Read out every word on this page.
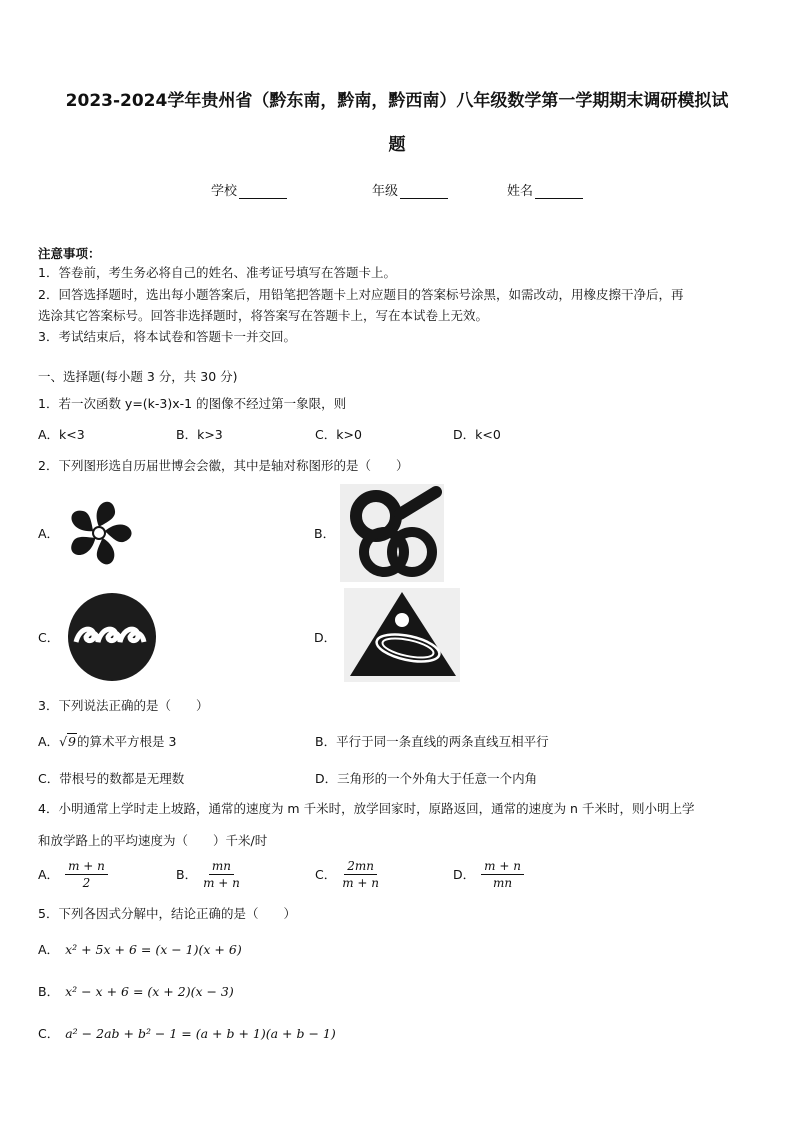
2023-2024学年贵州省（黔东南，黔南，黔西南）八年级数学第一学期期末调研模拟试
题
学校	年级	姓名
注意事项：
1．答卷前，考生务必将自己的姓名、准考证号填写在答题卡上。
2．回答选择题时，选出每小题答案后，用铅笔把答题卡上对应题目的答案标号涂黑，如需改动，用橡皮擦干净后，再
选涂其它答案标号。回答非选择题时，将答案写在答题卡上，写在本试卷上无效。
3．考试结束后，将本试卷和答题卡一并交回。
一、选择题(每小题 3 分，共 30 分)
1．若一次函数 y=(k-3)x-1 的图像不经过第一象限，则
A．k<3	B．k>3	C．k>0	D．k<0
2．下列图形选自历届世博会会徽，其中是轴对称图形的是（　　）
A．	B．
C．	D．
3．下列说法正确的是（　　）
A．√9的算术平方根是 3	B．平行于同一条直线的两条直线互相平行
C．带根号的数都是无理数	D．三角形的一个外角大于任意一个内角
4．小明通常上学时走上坡路，通常的速度为 m 千米时，放学回家时，原路返回，通常的速度为 n 千米时，则小明上学
和放学路上的平均速度为（　　）千米/时
A． $\frac{m + n}{2}$	B． $\frac{mn}{m + n}$	C． $\frac{2mn}{m + n}$	D． $\frac{m + n}{mn}$
5．下列各因式分解中，结论正确的是（　　）
A． x² + 5x + 6 = (x − 1)(x + 6)
B． x² − x + 6 = (x + 2)(x − 3)
C． a² − 2ab + b² − 1 = (a + b + 1)(a + b − 1)
